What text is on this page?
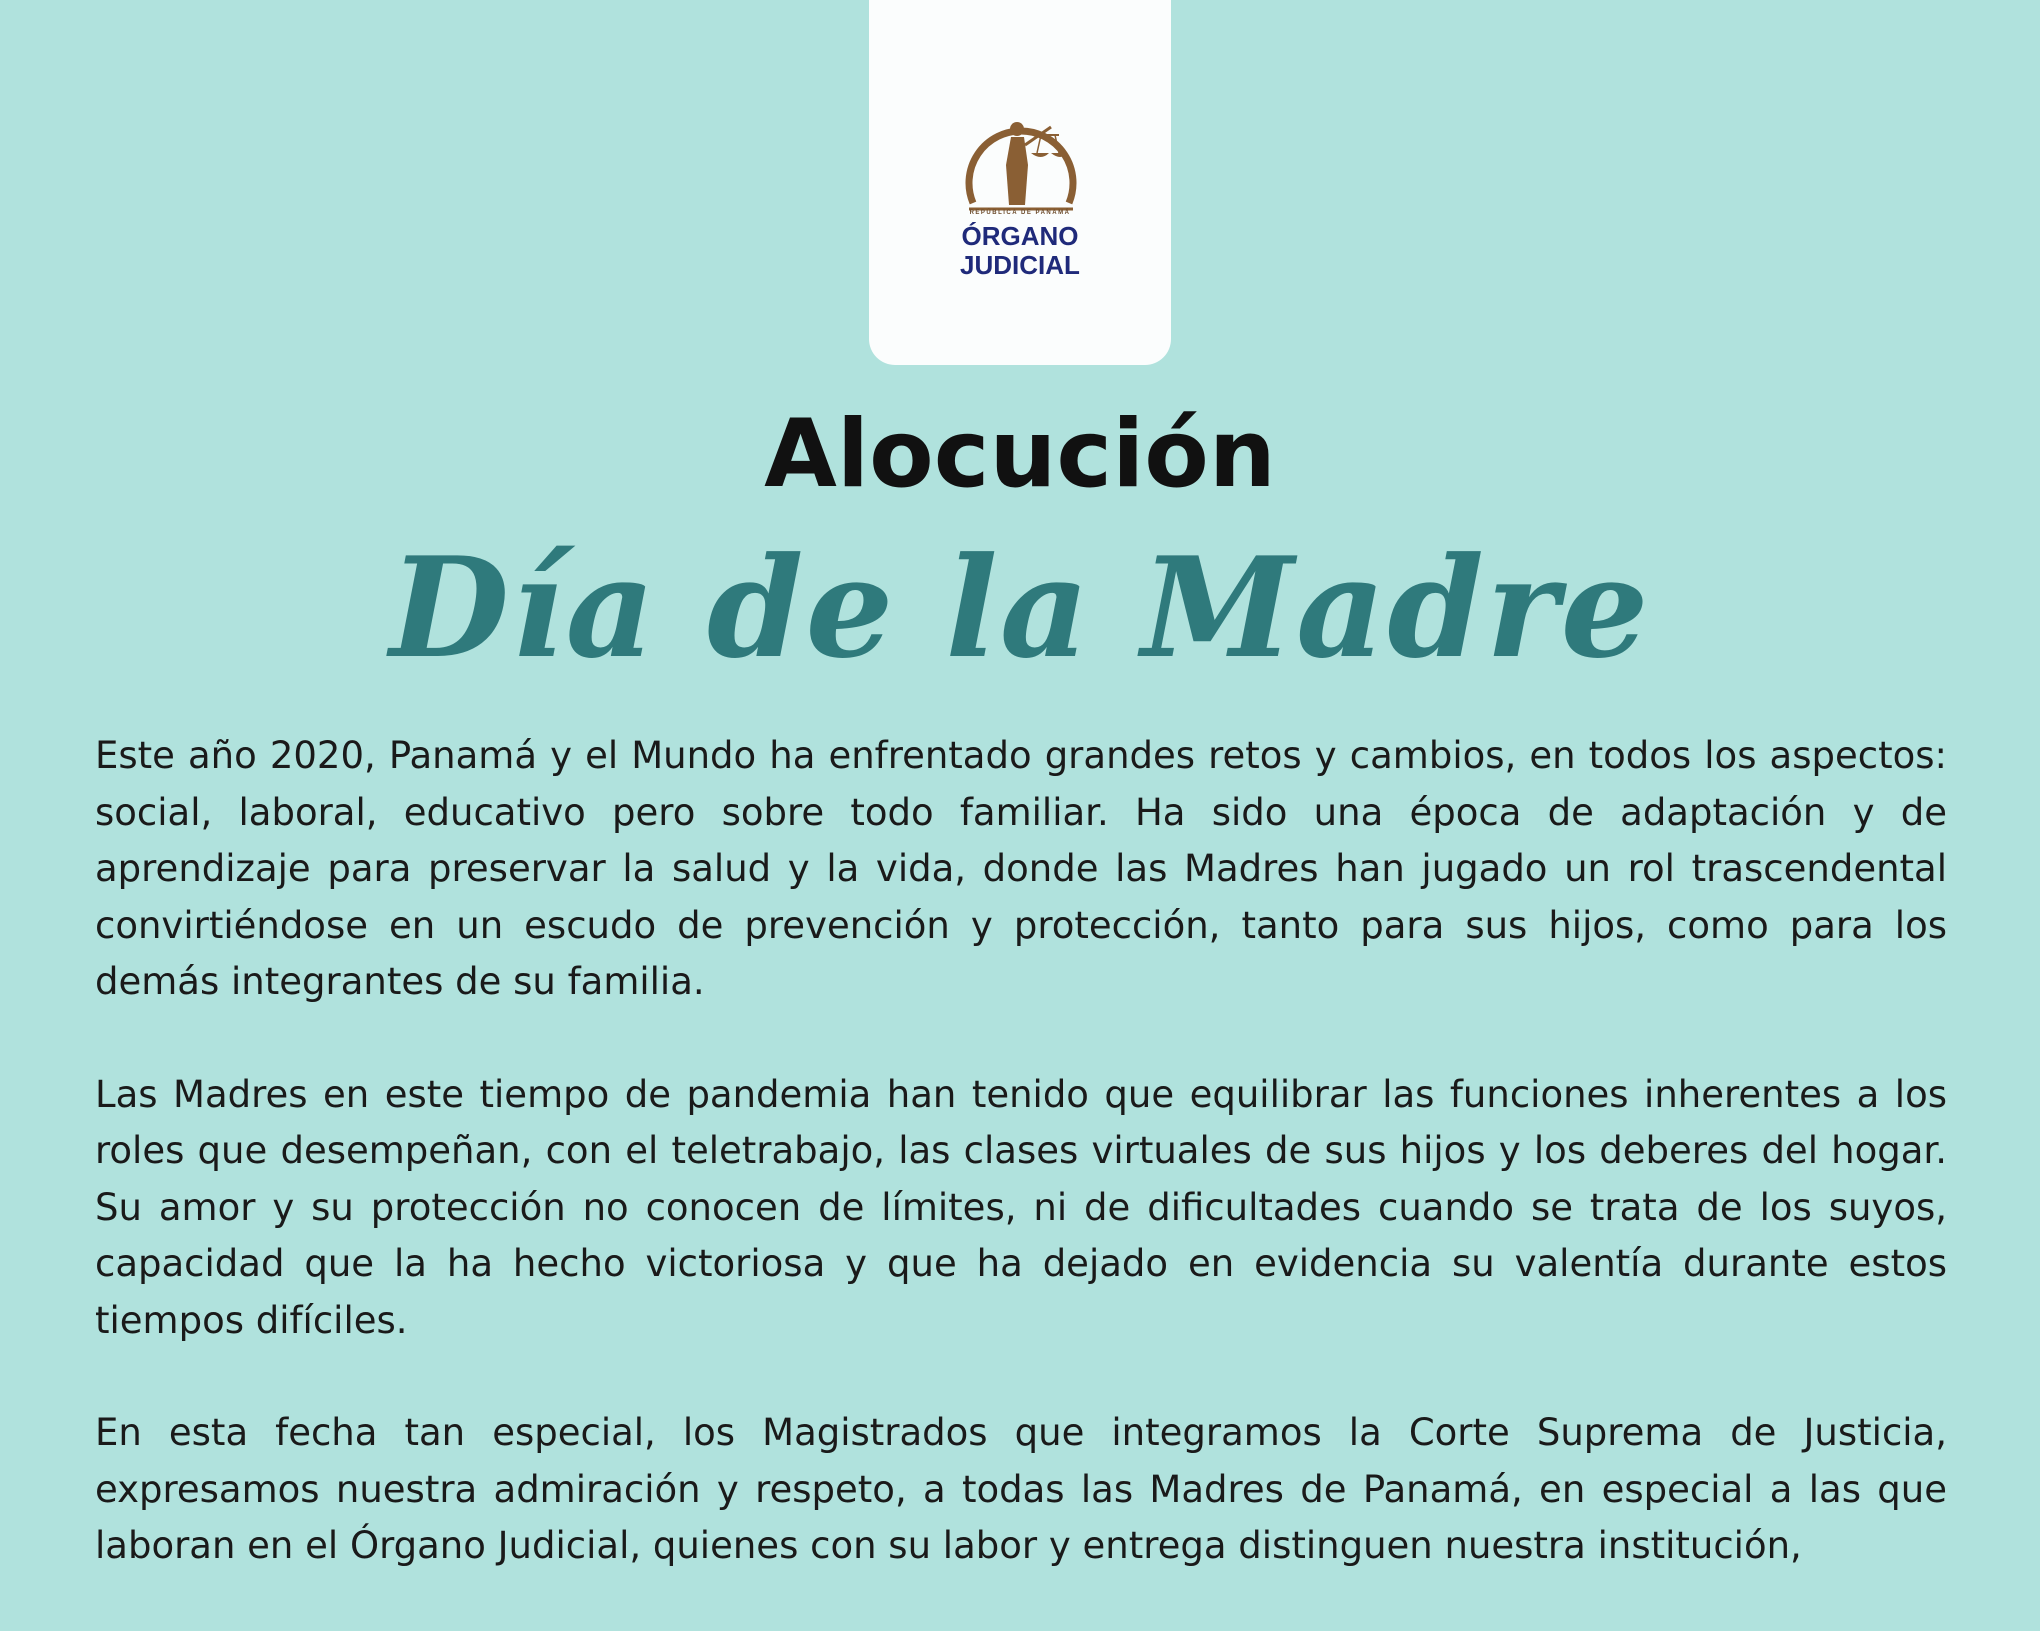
REPÚBLICA DE PANAMÁ
ÓRGANO
JUDICIAL
Alocución
Día de la Madre

Este año 2020, Panamá y el Mundo ha enfrentado grandes retos y cambios, en todos los aspectos: social, laboral, educativo pero sobre todo familiar. Ha sido una época de adaptación y de aprendizaje para preservar la salud y la vida, donde las Madres han jugado un rol trascendental convirtiéndose en un escudo de prevención y protección, tanto para sus hijos, como para los demás integrantes de su familia.

Las Madres en este tiempo de pandemia han tenido que equilibrar las funciones inherentes a los roles que desempeñan, con el teletrabajo, las clases virtuales de sus hijos y los deberes del hogar. Su amor y su protección no conocen de límites, ni de dificultades cuando se trata de los suyos, capacidad que la ha hecho victoriosa y que ha dejado en evidencia su valentía durante estos tiempos difíciles.

En esta fecha tan especial, los Magistrados que integramos la Corte Suprema de Justicia, expresamos nuestra admiración y respeto, a todas las Madres de Panamá, en especial a las que laboran en el Órgano Judicial, quienes con su labor y entrega distinguen nuestra institución,
